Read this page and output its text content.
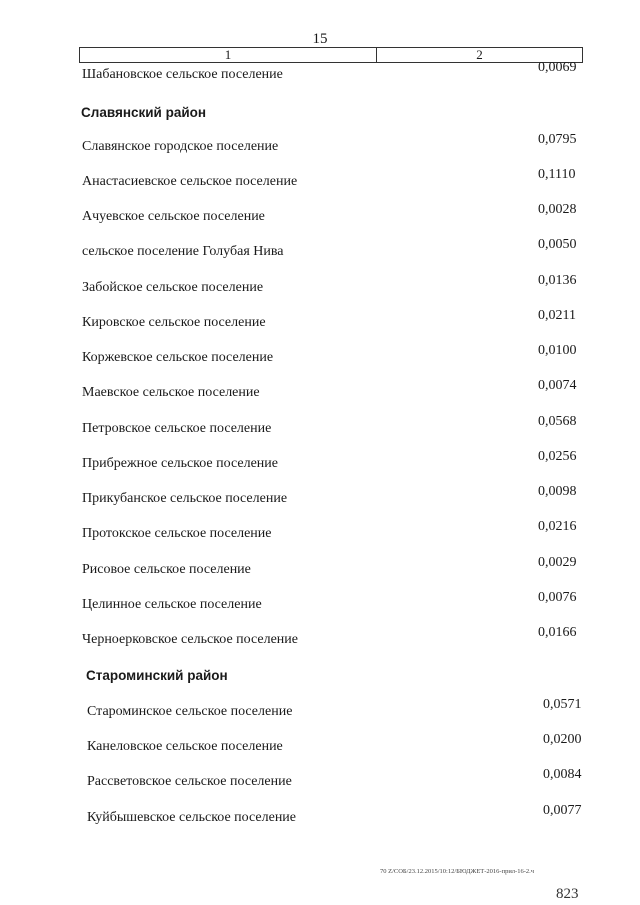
15
1	2
Шабановское сельское поселение	0,0069
Славянский район
Славянское городское поселение	0,0795
Анастасиевское сельское поселение	0,1110
Ачуевское сельское поселение	0,0028
сельское поселение Голубая Нива	0,0050
Забойское сельское поселение	0,0136
Кировское сельское поселение	0,0211
Коржевское сельское поселение	0,0100
Маевское сельское поселение	0,0074
Петровское сельское поселение	0,0568
Прибрежное сельское поселение	0,0256
Прикубанское сельское поселение	0,0098
Протокское сельское поселение	0,0216
Рисовое сельское поселение	0,0029
Целинное сельское поселение	0,0076
Черноерковское сельское поселение	0,0166
Староминский район
Староминское сельское поселение	0,0571
Канеловское сельское поселение	0,0200
Рассветовское сельское поселение	0,0084
Куйбышевское сельское поселение	0,0077
70 Z/СОБ/23.12.2015/10:12/БЮДЖЕТ-2016-прил-16-2.ч
823
